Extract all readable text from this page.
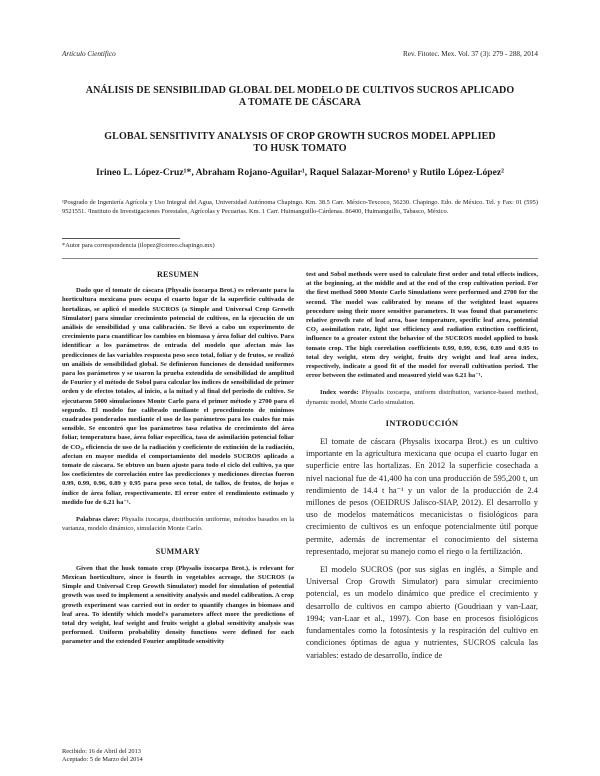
Artículo Científico	Rev. Fitotec. Mex. Vol. 37 (3): 279 - 288, 2014
ANÁLISIS DE SENSIBILIDAD GLOBAL DEL MODELO DE CULTIVOS SUCROS APLICADO
A TOMATE DE CÁSCARA
GLOBAL SENSITIVITY ANALYSIS OF CROP GROWTH SUCROS MODEL APPLIED
TO HUSK TOMATO
Irineo L. López-Cruz¹*, Abraham Rojano-Aguilar¹, Raquel Salazar-Moreno¹ y Rutilo López-López²
¹Posgrado de Ingeniería Agrícola y Uso Integral del Agua, Universidad Autónoma Chapingo. Km. 38.5 Carr. México-Texcoco, 56230. Chapingo. Edo. de México. Tel. y Fax: 01 (595) 9521551. ²Instituto de Investigaciones Forestales, Agrícolas y Pecuarias. Km. 1 Carr. Huimanguillo-Cárdenas. 86400, Huimanguillo, Tabasco, México.
*Autor para correspondencia (ilopez@correo.chapingo.mx)
RESUMEN

Dado que el tomate de cáscara (Physalis ixocarpa Brot.) es relevante para la horticultura mexicana pues ocupa el cuarto lugar de la superficie cultivada de hortalizas, se aplicó el modelo SUCROS (a Simple and Universal Crop Growth Simulator) para simular crecimiento potencial de cultivos, en la ejecución de un análisis de sensibilidad y una calibración. Se llevó a cabo un experimento de crecimiento para cuantificar los cambios en biomasa y área foliar del cultivo. Para identificar a los parámetros de entrada del modelo que afectan más las predicciones de las variables respuesta peso seco total, foliar y de frutos, se realizó un análisis de sensibilidad global. Se definieron funciones de densidad uniformes para los parámetros y se usaron la prueba extendida de sensibilidad de amplitud de Fourier y el método de Sobol para calcular los índices de sensibilidad de primer orden y de efectos totales, al inicio, a la mitad y al final del periodo de cultivo. Se ejecutaron 5000 simulaciones Monte Carlo para el primer método y 2700 para el segundo. El modelo fue calibrado mediante el procedimiento de mínimos cuadrados ponderados mediante el uso de los parámetros para los cuales fue más sensible. Se encontró que los parámetros tasa relativa de crecimiento del área foliar, temperatura base, área foliar específica, tasa de asimilación potencial foliar de CO₂, eficiencia de uso de la radiación y coeficiente de extinción de la radiación, afectan en mayor medida el comportamiento del modelo SUCROS aplicado a tomate de cáscara. Se obtuvo un buen ajuste para todo el ciclo del cultivo, ya que los coeficientes de correlación entre las predicciones y mediciones directas fueron 0.99, 0.99, 0.96, 0.89 y 0.95 para peso seco total, de tallos, de frutos, de hojas e índice de área foliar, respectivamente. El error entre el rendimiento estimado y medido fue de 6.21 ha⁻¹.

Palabras clave: Physalis ixocarpa, distribución uniforme, métodos basados en la varianza, modelo dinámico, simulación Monte Carlo.
SUMMARY

Given that the husk tomato crop (Physalis ixocarpa Brot.), is relevant for Mexican horticulture, since is fourth in vegetables acreage, the SUCROS (a Simple and Universal Crop Growth Simulator) model for simulation of potential growth was used to implement a sensitivity analysis and model calibration. A crop growth experiment was carried out in order to quantify changes in biomass and leaf area. To identify which model's parameters affect more the predictions of total dry weight, leaf weight and fruits weight a global sensitivity analysis was performed. Uniform probability density functions were defined for each parameter and the extended Fourier amplitude sensitivity

test and Sobol methods were used to calculate first order and total effects indices, at the beginning, at the middle and at the end of the crop cultivation period. For the first method 5000 Monte Carlo Simulations were performed and 2700 for the second. The model was calibrated by means of the weighted least squares procedure using their more sensitive parameters. It was found that parameters: relative growth rate of leaf area, base temperature, specific leaf area, potential CO₂ assimilation rate, light use efficiency and radiation extinction coefficient, influence to a greater extent the behavior of the SUCROS model applied to husk tomato crop. The high correlation coefficients 0.99, 0.99, 0.96, 0.89 and 0.95 to total dry weight, stem dry weight, fruits dry weight and leaf area index, respectively, indicate a good fit of the model for overall cultivation period. The error between the estimated and measured yield was 6.21 ha⁻¹.

Index words: Physalis ixocarpa, uniform distribution, variance-based method, dynamic model, Monte Carlo simulation.
INTRODUCCIÓN

El tomate de cáscara (Physalis ixocarpa Brot.) es un cultivo importante en la agricultura mexicana que ocupa el cuarto lugar en superficie entre las hortalizas. En 2012 la superficie cosechada a nivel nacional fue de 41,400 ha con una producción de 595,200 t, un rendimiento de 14.4 t ha⁻¹ y un valor de la producción de 2.4 millones de pesos (OEIDRUS Jalisco-SIAP, 2012). El desarrollo y uso de modelos matemáticos mecanicistas o fisiológicos para crecimiento de cultivos es un enfoque potencialmente útil porque permite, además de incrementar el conocimiento del sistema representado, mejorar su manejo como el riego o la fertilización.

El modelo SUCROS (por sus siglas en inglés, a Simple and Universal Crop Growth Simulator) para simular crecimiento potencial, es un modelo dinámico que predice el crecimiento y desarrollo de cultivos en campo abierto (Goudriaan y van-Laar, 1994; van-Laar et al., 1997). Con base en procesos fisiológicos fundamentales como la fotosíntesis y la respiración del cultivo en condiciones óptimas de agua y nutrientes, SUCROS calcula las variables: estado de desarrollo, índice de

Recibido: 16 de Abril del 2013
Aceptado: 5 de Marzo del 2014
